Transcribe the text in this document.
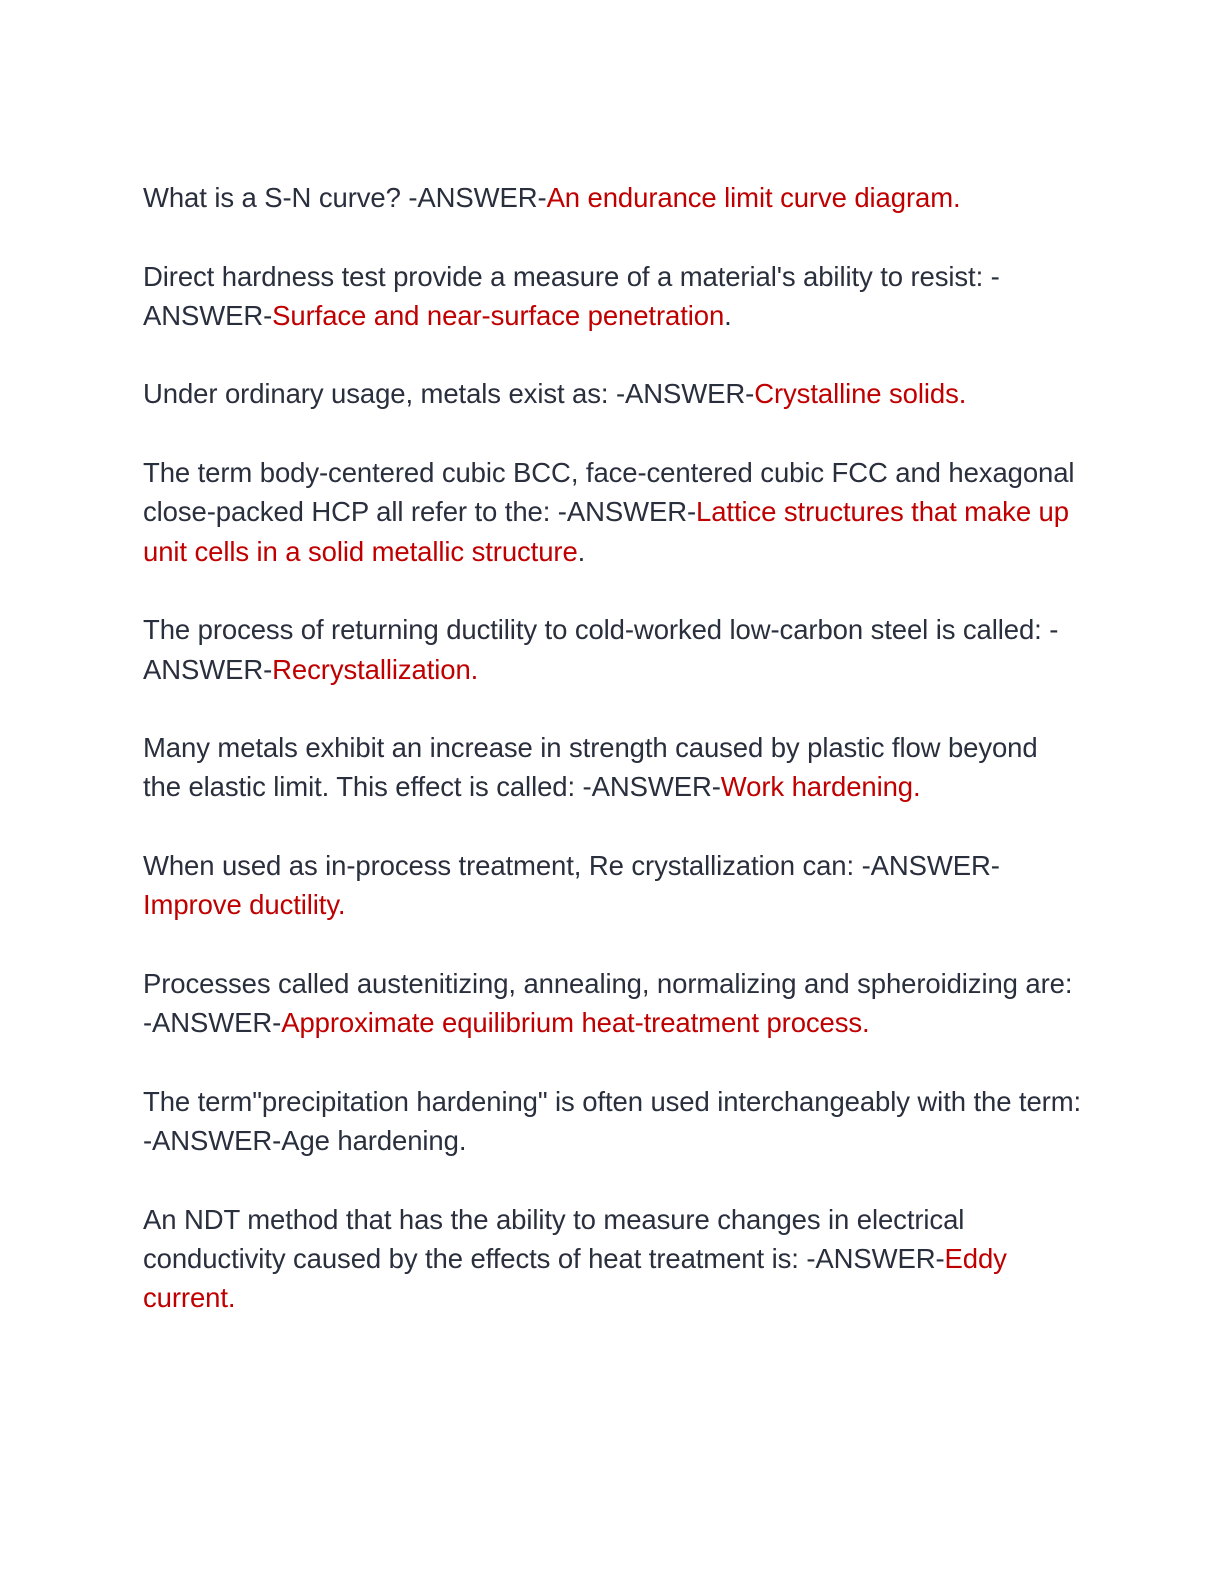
What is a S-N curve? -ANSWER-An endurance limit curve diagram.

Direct hardness test provide a measure of a material's ability to resist: -ANSWER-Surface and near-surface penetration.

Under ordinary usage, metals exist as: -ANSWER-Crystalline solids.

The term body-centered cubic BCC, face-centered cubic FCC and hexagonal close-packed HCP all refer to the: -ANSWER-Lattice structures that make up unit cells in a solid metallic structure.

The process of returning ductility to cold-worked low-carbon steel is called: -ANSWER-Recrystallization.

Many metals exhibit an increase in strength caused by plastic flow beyond the elastic limit. This effect is called: -ANSWER-Work hardening.

When used as in-process treatment, Re crystallization can: -ANSWER-Improve ductility.

Processes called austenitizing, annealing, normalizing and spheroidizing are: -ANSWER-Approximate equilibrium heat-treatment process.

The term"precipitation hardening" is often used interchangeably with the term: -ANSWER-Age hardening.

An NDT method that has the ability to measure changes in electrical conductivity caused by the effects of heat treatment is: -ANSWER-Eddy current.
